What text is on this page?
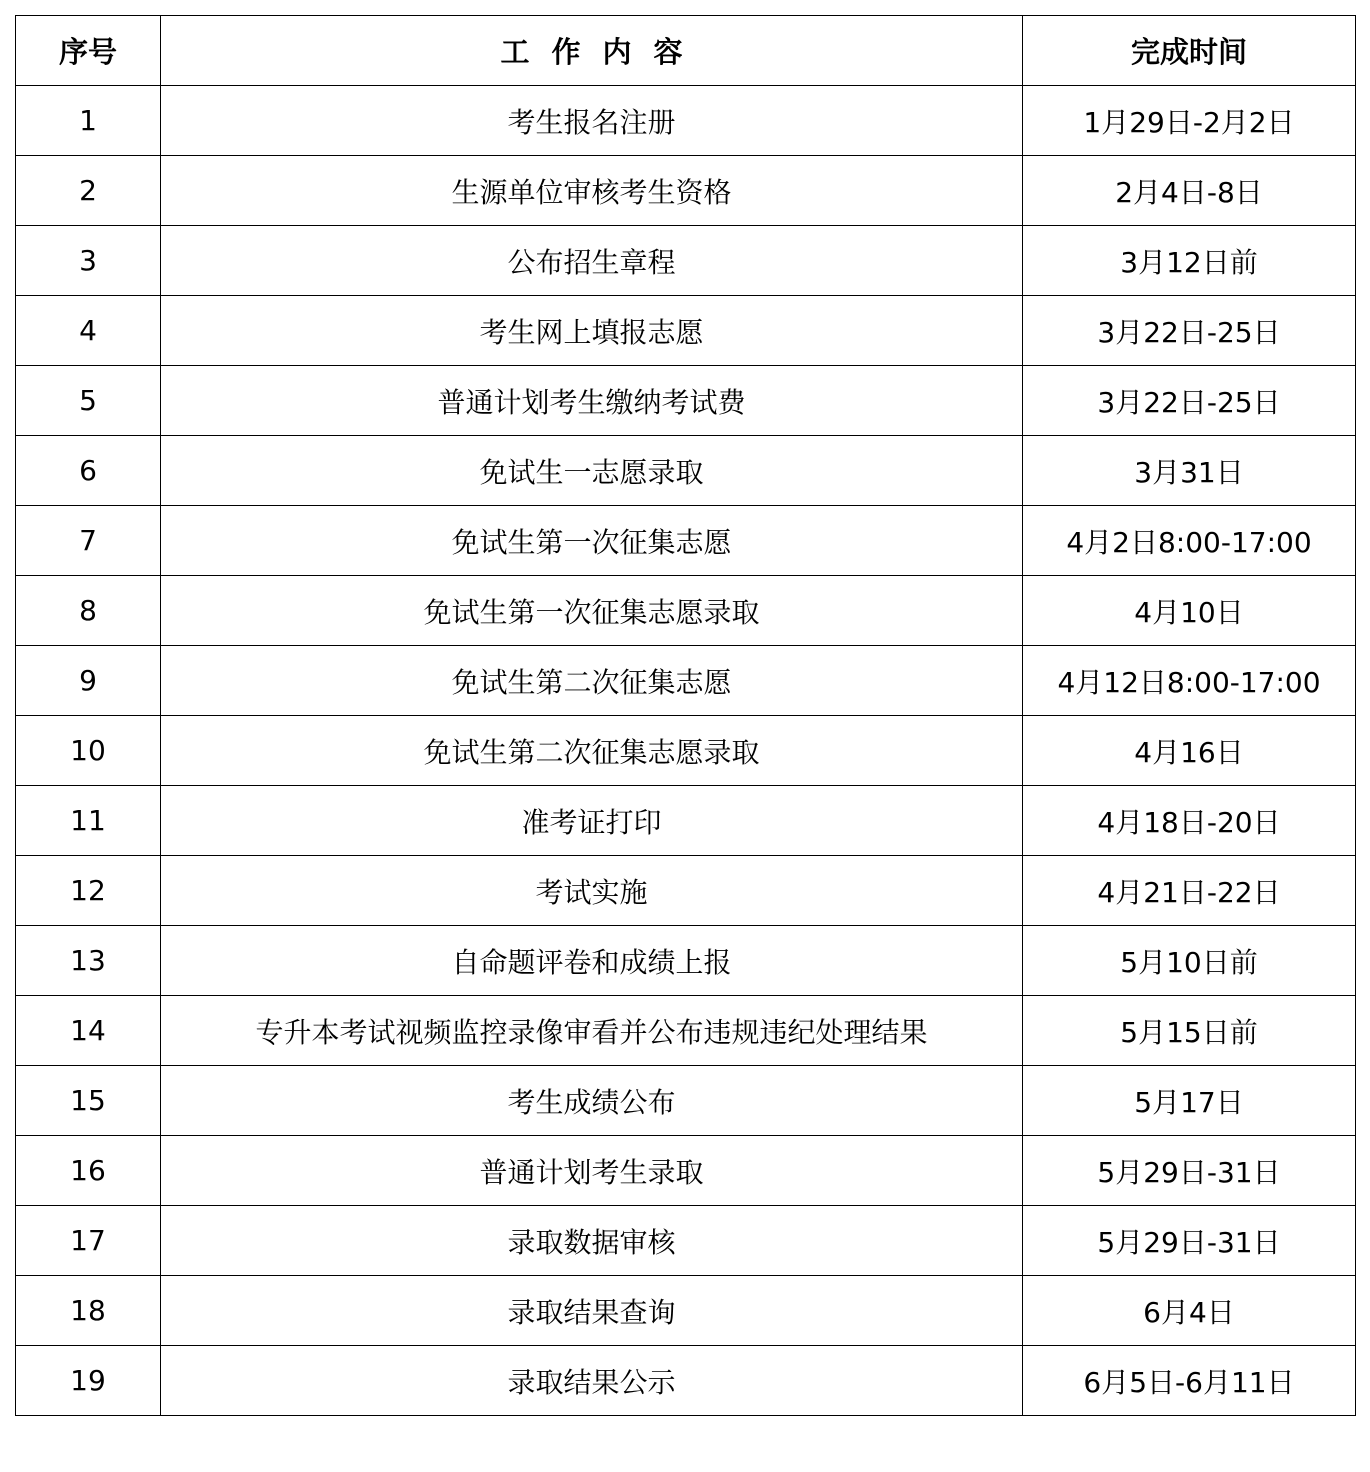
序号	工作内容	完成时间
1	考生报名注册	1月29日-2月2日
2	生源单位审核考生资格	2月4日-8日
3	公布招生章程	3月12日前
4	考生网上填报志愿	3月22日-25日
5	普通计划考生缴纳考试费	3月22日-25日
6	免试生一志愿录取	3月31日
7	免试生第一次征集志愿	4月2日8:00-17:00
8	免试生第一次征集志愿录取	4月10日
9	免试生第二次征集志愿	4月12日8:00-17:00
10	免试生第二次征集志愿录取	4月16日
11	准考证打印	4月18日-20日
12	考试实施	4月21日-22日
13	自命题评卷和成绩上报	5月10日前
14	专升本考试视频监控录像审看并公布违规违纪处理结果	5月15日前
15	考生成绩公布	5月17日
16	普通计划考生录取	5月29日-31日
17	录取数据审核	5月29日-31日
18	录取结果查询	6月4日
19	录取结果公示	6月5日-6月11日
